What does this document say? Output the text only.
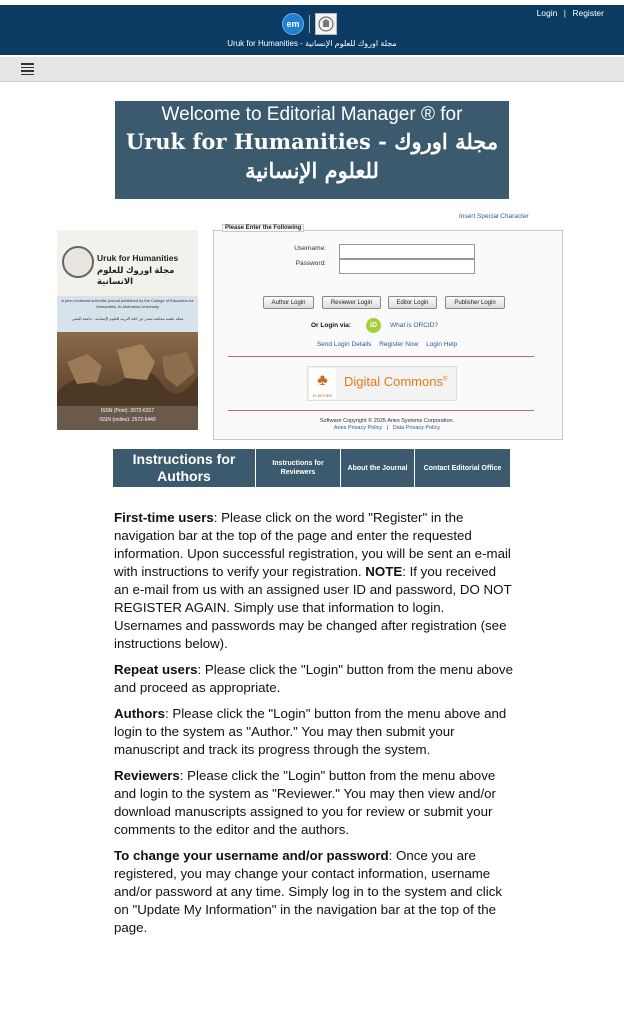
em
Uruk for Humanities - مجلة اوروك للعلوم الإنسانية
Login | Register
Welcome to Editorial Manager ® for
Uruk for Humanities - مجلة اوروك
للعلوم الإنسانية
Insert Special Character
Uruk for Humanities
مجلة اوروك للعلوم الانسانية
A peer-reviewed scientific journal published by the College of Education for Humanities, Al-Muthanna University
مجلة علمية محكمة تصدر عن كلية التربية للعلوم الإنسانية - جامعة المثنى
ISSN (Print): 2072-6317
ISSN (online): 2572-5440
Please Enter the Following
Username:
Password:
Author Login	Reviewer Login	Editor Login	Publisher Login
Or Login via:	iD	What is ORCID?
Send Login Details Register Now Login Help
♣
ELSEVIER
Digital Commons®
Software Copyright © 2025 Aries Systems Corporation.
Aries Privacy Policy | Data Privacy Policy
Instructions for Authors
Instructions for Reviewers
About the Journal	Contact Editorial Office

First-time users: Please click on the word "Register" in the navigation bar at the top of the page and enter the requested information. Upon successful registration, you will be sent an e-mail with instructions to verify your registration. NOTE: If you received an e-mail from us with an assigned user ID and password, DO NOT REGISTER AGAIN. Simply use that information to login. Usernames and passwords may be changed after registration (see instructions below).

Repeat users: Please click the "Login" button from the menu above and proceed as appropriate.

Authors: Please click the "Login" button from the menu above and login to the system as "Author." You may then submit your manuscript and track its progress through the system.

Reviewers: Please click the "Login" button from the menu above and login to the system as "Reviewer." You may then view and/or download manuscripts assigned to you for review or submit your comments to the editor and the authors.

To change your username and/or password: Once you are registered, you may change your contact information, username and/or password at any time. Simply log in to the system and click on "Update My Information" in the navigation bar at the top of the page.
